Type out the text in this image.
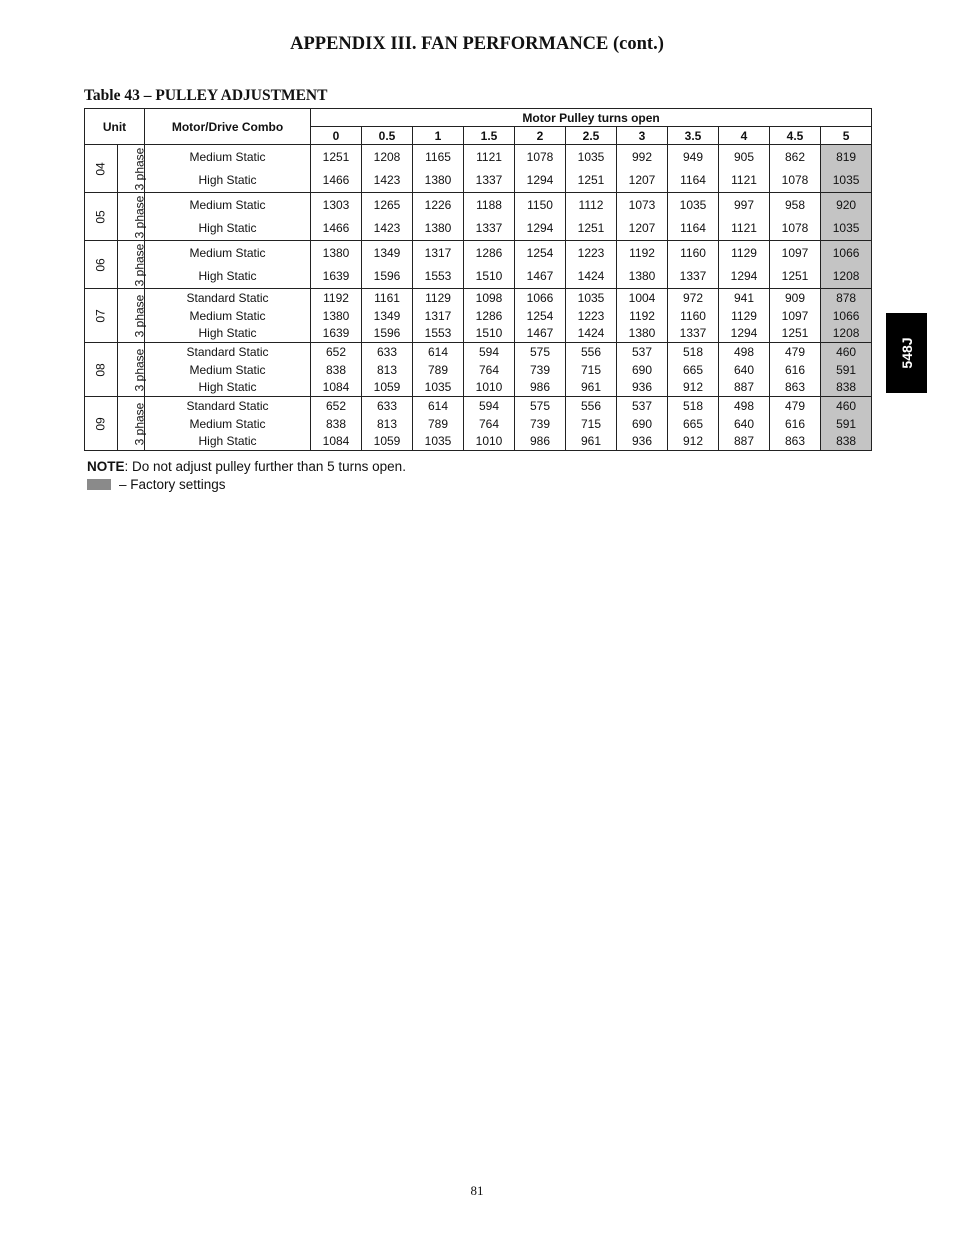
APPENDIX III. FAN PERFORMANCE (cont.)
Table 43 – PULLEY ADJUSTMENT
548J
Unit		Motor/Drive Combo	Motor Pulley turns open										
			0	0.5	1	1.5	2	2.5	3	3.5	4	4.5	5
04	3 phase	Medium Static	1251	1208	1165	1121	1078	1035	992	949	905	862	819
		High Static	1466	1423	1380	1337	1294	1251	1207	1164	1121	1078	1035
05	3 phase	Medium Static	1303	1265	1226	1188	1150	1112	1073	1035	997	958	920
		High Static	1466	1423	1380	1337	1294	1251	1207	1164	1121	1078	1035
06	3 phase	Medium Static	1380	1349	1317	1286	1254	1223	1192	1160	1129	1097	1066
		High Static	1639	1596	1553	1510	1467	1424	1380	1337	1294	1251	1208
07	3 phase	Standard Static	1192	1161	1129	1098	1066	1035	1004	972	941	909	878
		Medium Static	1380	1349	1317	1286	1254	1223	1192	1160	1129	1097	1066
		High Static	1639	1596	1553	1510	1467	1424	1380	1337	1294	1251	1208
08	3 phase	Standard Static	652	633	614	594	575	556	537	518	498	479	460
		Medium Static	838	813	789	764	739	715	690	665	640	616	591
		High Static	1084	1059	1035	1010	986	961	936	912	887	863	838
09	3 phase	Standard Static	652	633	614	594	575	556	537	518	498	479	460
		Medium Static	838	813	789	764	739	715	690	665	640	616	591
		High Static	1084	1059	1035	1010	986	961	936	912	887	863	838
NOTE: Do not adjust pulley further than 5 turns open.
– Factory settings
81
